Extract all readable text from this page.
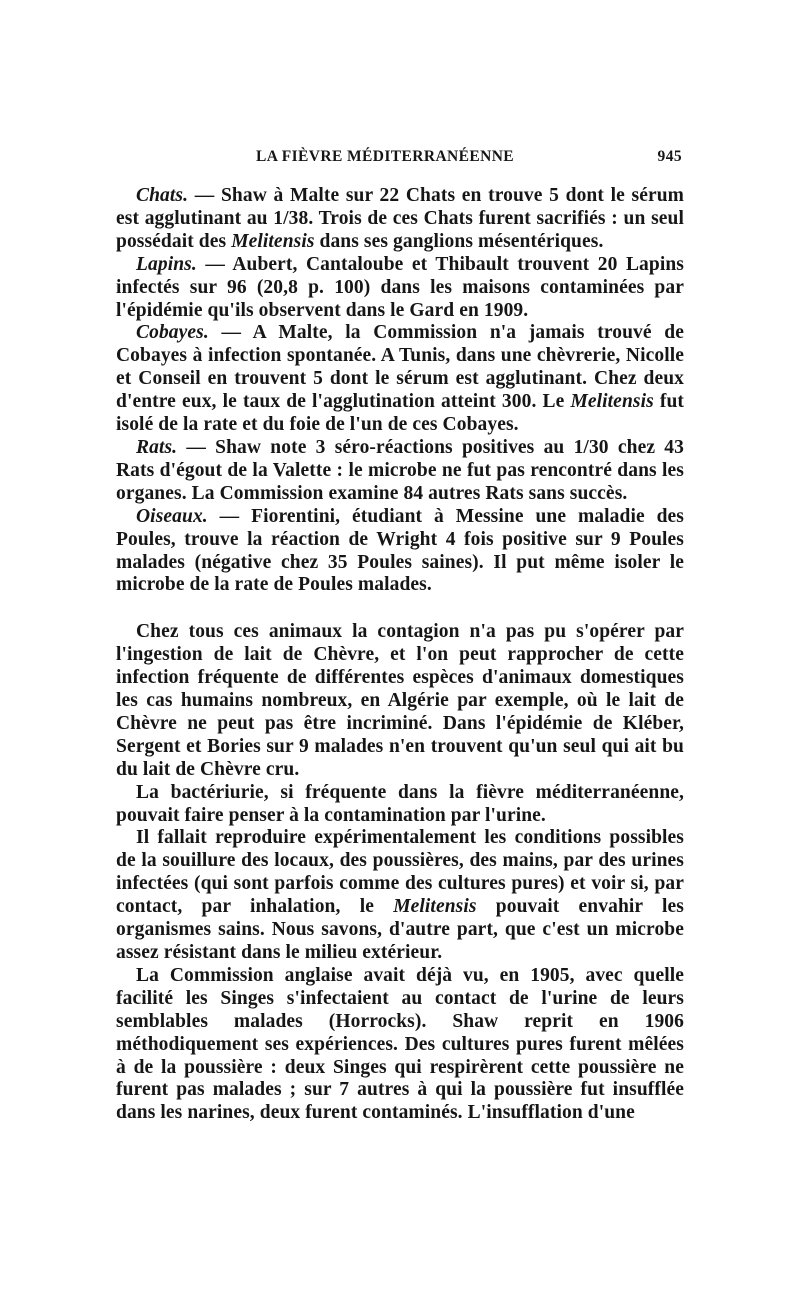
LA FIÈVRE MÉDITERRANÉENNE	945

Chats. — Shaw à Malte sur 22 Chats en trouve 5 dont le sérum est agglutinant au 1/38. Trois de ces Chats furent sacrifiés : un seul possédait des Melitensis dans ses ganglions mésentériques.

Lapins. — Aubert, Cantaloube et Thibault trouvent 20 Lapins infectés sur 96 (20,8 p. 100) dans les maisons contaminées par l'épidémie qu'ils observent dans le Gard en 1909.

Cobayes. — A Malte, la Commission n'a jamais trouvé de Cobayes à infection spontanée. A Tunis, dans une chèvrerie, Nicolle et Conseil en trouvent 5 dont le sérum est agglutinant. Chez deux d'entre eux, le taux de l'agglutination atteint 300. Le Melitensis fut isolé de la rate et du foie de l'un de ces Cobayes.

Rats. — Shaw note 3 séro-réactions positives au 1/30 chez 43 Rats d'égout de la Valette : le microbe ne fut pas rencontré dans les organes. La Commission examine 84 autres Rats sans succès.

Oiseaux. — Fiorentini, étudiant à Messine une maladie des Poules, trouve la réaction de Wright 4 fois positive sur 9 Poules malades (négative chez 35 Poules saines). Il put même isoler le microbe de la rate de Poules malades.

Chez tous ces animaux la contagion n'a pas pu s'opérer par l'ingestion de lait de Chèvre, et l'on peut rapprocher de cette infection fréquente de différentes espèces d'animaux domestiques les cas humains nombreux, en Algérie par exemple, où le lait de Chèvre ne peut pas être incriminé. Dans l'épidémie de Kléber, Sergent et Bories sur 9 malades n'en trouvent qu'un seul qui ait bu du lait de Chèvre cru.

La bactériurie, si fréquente dans la fièvre méditerranéenne, pouvait faire penser à la contamination par l'urine.

Il fallait reproduire expérimentalement les conditions possibles de la souillure des locaux, des poussières, des mains, par des urines infectées (qui sont parfois comme des cultures pures) et voir si, par contact, par inhalation, le Melitensis pouvait envahir les organismes sains. Nous savons, d'autre part, que c'est un microbe assez résistant dans le milieu extérieur.

La Commission anglaise avait déjà vu, en 1905, avec quelle facilité les Singes s'infectaient au contact de l'urine de leurs semblables malades (Horrocks). Shaw reprit en 1906 méthodiquement ses expériences. Des cultures pures furent mêlées à de la poussière : deux Singes qui respirèrent cette poussière ne furent pas malades ; sur 7 autres à qui la poussière fut insufflée dans les narines, deux furent contaminés. L'insufflation d'une
